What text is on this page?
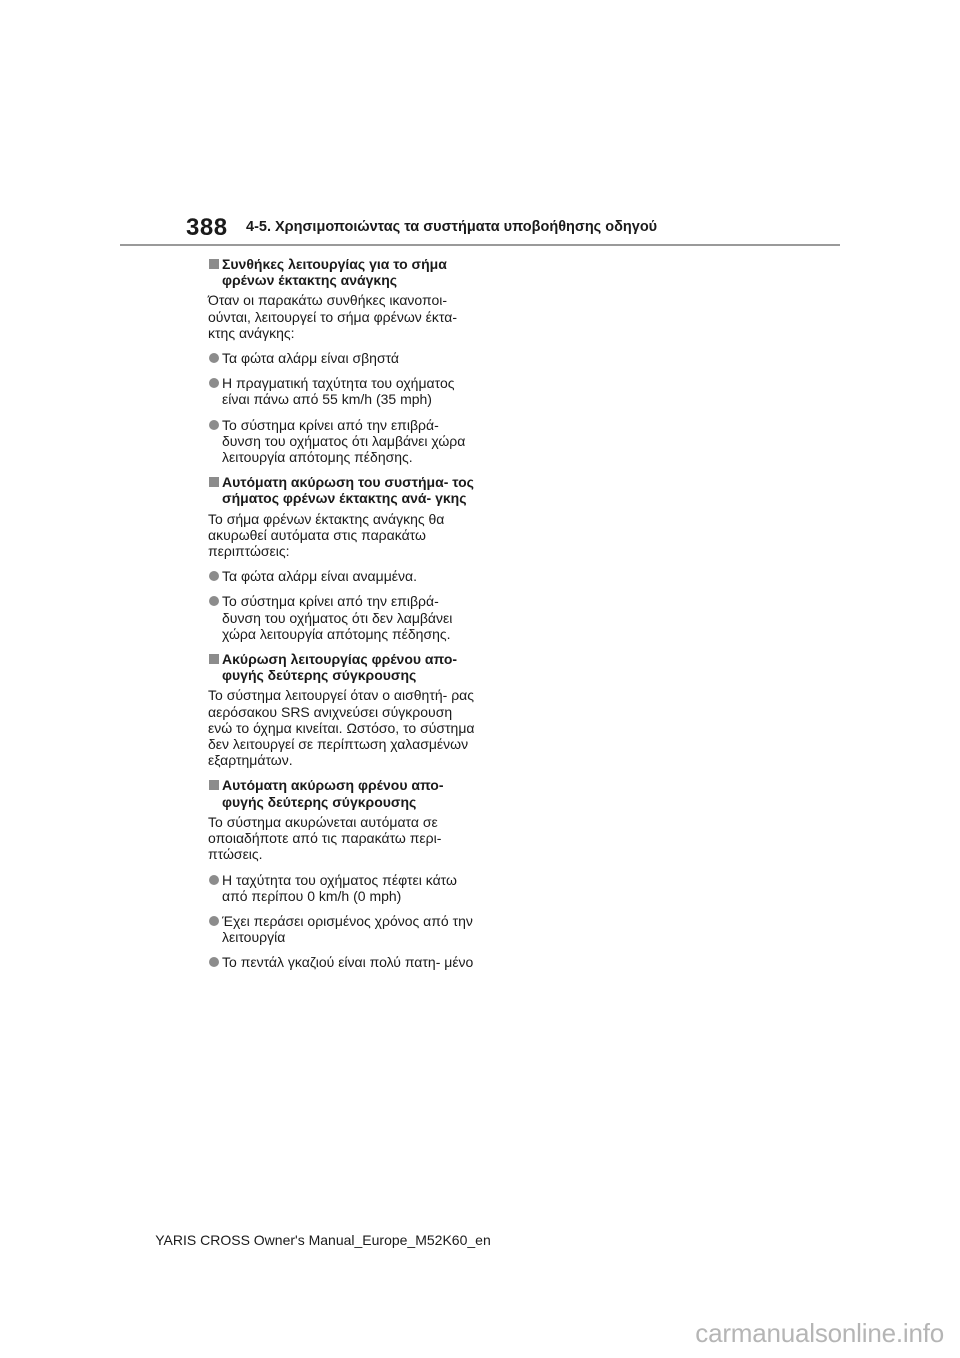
388 4-5. Χρησιμοποιώντας τα συστήματα υποβοήθησης οδηγού
Συνθήκες λειτουργίας για το σήμα φρένων έκτακτης ανάγκης
Όταν οι παρακάτω συνθήκες ικανοποι- ούνται, λειτουργεί το σήμα φρένων έκτα- κτης ανάγκης:
Τα φώτα αλάρμ είναι σβηστά
Η πραγματική ταχύτητα του οχήματος είναι πάνω από 55 km/h (35 mph)
Το σύστημα κρίνει από την επιβρά- δυνση του οχήματος ότι λαμβάνει χώρα λειτουργία απότομης πέδησης.
Αυτόματη ακύρωση του συστήμα- τος σήματος φρένων έκτακτης ανά- γκης
Το σήμα φρένων έκτακτης ανάγκης θα ακυρωθεί αυτόματα στις παρακάτω περιπτώσεις:
Τα φώτα αλάρμ είναι αναμμένα.
Το σύστημα κρίνει από την επιβρά- δυνση του οχήματος ότι δεν λαμβάνει χώρα λειτουργία απότομης πέδησης.
Ακύρωση λειτουργίας φρένου απο- φυγής δεύτερης σύγκρουσης
Το σύστημα λειτουργεί όταν ο αισθητή- ρας αερόσακου SRS ανιχνεύσει σύγκρουση ενώ το όχημα κινείται. Ωστόσο, το σύστημα δεν λειτουργεί σε περίπτωση χαλασμένων εξαρτημάτων.
Αυτόματη ακύρωση φρένου απο- φυγής δεύτερης σύγκρουσης
Το σύστημα ακυρώνεται αυτόματα σε οποιαδήποτε από τις παρακάτω περι- πτώσεις.
Η ταχύτητα του οχήματος πέφτει κάτω από περίπου 0 km/h (0 mph)
Έχει περάσει ορισμένος χρόνος από την λειτουργία
Το πεντάλ γκαζιού είναι πολύ πατη- μένο
YARIS CROSS Owner's Manual_Europe_M52K60_en
carmanualsonline.info
